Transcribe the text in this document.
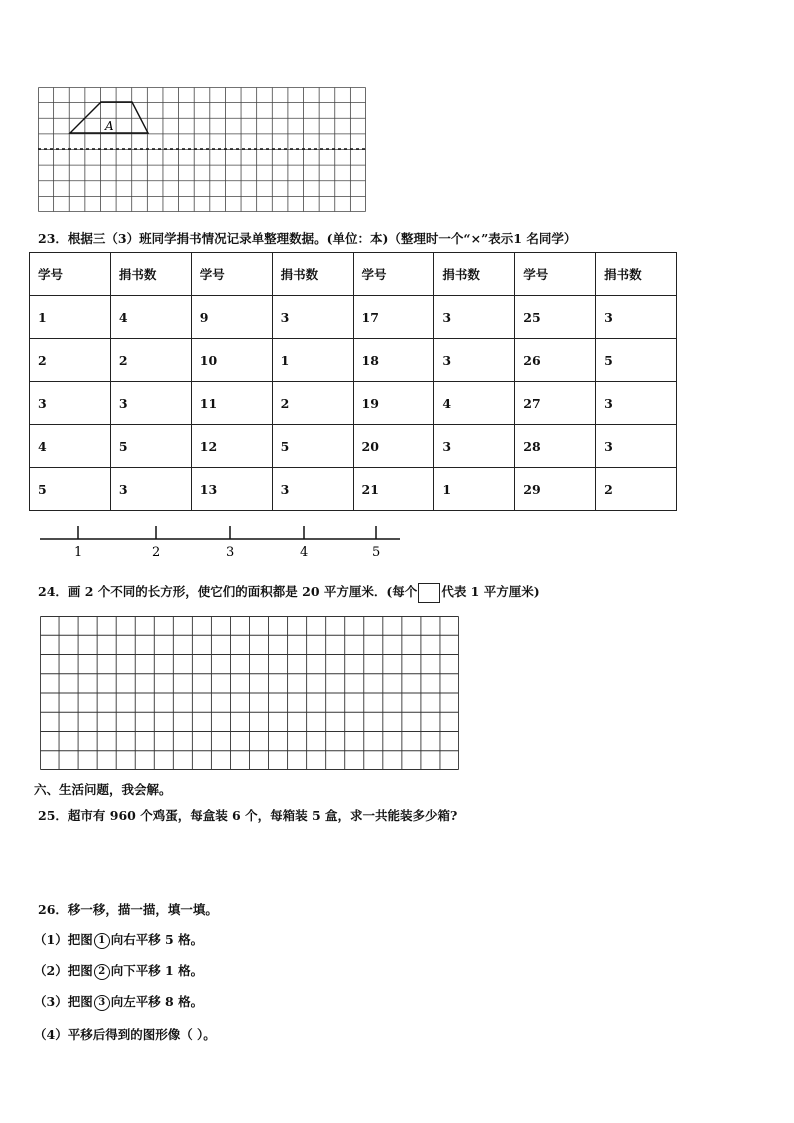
A
23．根据三（3）班同学捐书情况记录单整理数据。(单位：本)（整理时一个“×”表示1 名同学）
学号	捐书数	学号	捐书数	学号	捐书数	学号	捐书数
1	4	9	3	17	3	25	3
2	2	10	1	18	3	26	5
3	3	11	2	19	4	27	3
4	5	12	5	20	3	28	3
5	3	13	3	21	1	29	2
1	2	3	4	5
24．画 2 个不同的长方形，使它们的面积都是 20 平方厘米．(每个 代表 1 平方厘米)
六、生活问题，我会解。
25．超市有 960 个鸡蛋，每盒装 6 个，每箱装 5 盒，求一共能装多少箱?
26．移一移，描一描，填一填。
（1）把图 1 向右平移 5 格。
（2）把图 2 向下平移 1 格。
（3）把图 3 向左平移 8 格。
（4）平移后得到的图形像（ ）。
